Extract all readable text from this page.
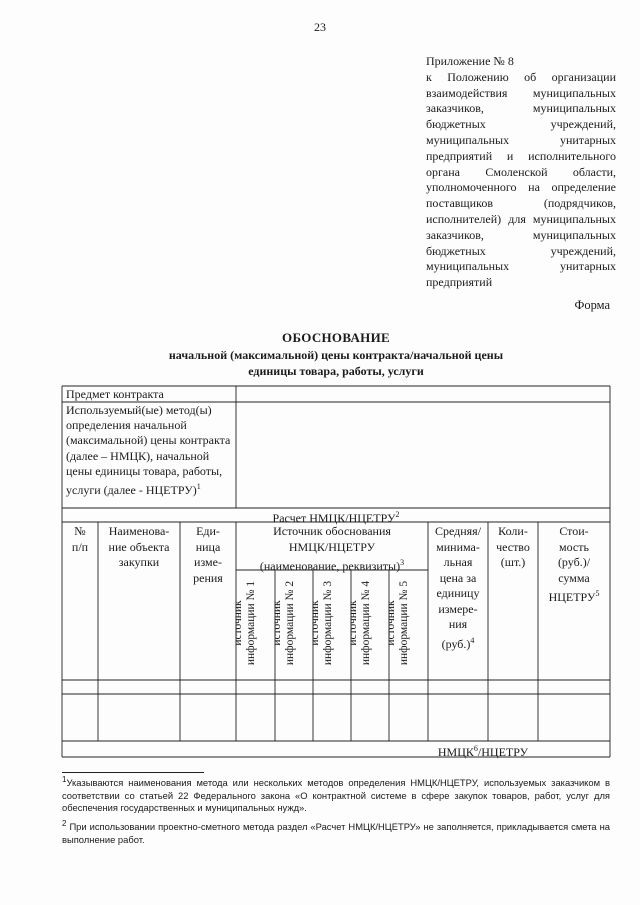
23
Приложение № 8
к Положению об организации взаимодействия муниципальных заказчиков, муниципальных бюджетных учреждений, муниципальных унитарных предприятий и исполнительного органа Смоленской области, уполномоченного на определение поставщиков (подрядчиков, исполнителей) для муниципальных заказчиков, муниципальных бюджетных учреждений, муниципальных унитарных предприятий
Форма
ОБОСНОВАНИЕ
начальной (максимальной) цены контракта/начальной цены
единицы товара, работы, услуги
Предмет контракта
Используемый(ые) метод(ы) определения начальной (максимальной) цены контракта (далее – НМЦК), начальной цены единицы товара, работы, услуги (далее - НЦЕТРУ)$^1$
Расчет НМЦК/НЦЕТРУ$^2$
№
п/п
Наименова-
ние объекта
закупки
Еди-
ница
изме-
рения
Источник обоснования
НМЦК/НЦЕТРУ
(наименование, реквизиты)$^3$
Средняя/
минима-
льная
цена за
единицу
измере-
ния
$(руб.)^4$
Коли-
чество
(шт.)
Стои-
мость
(руб.)/
сумма
НЦЕТРУ$^5$
источник информации № 1 источник информации № 2 источник информации № 3 источник информации № 4 источник информации № 5
НМЦК$^6$/НЦЕТРУ
$^1$Указываются наименования метода или нескольких методов определения НМЦК/НЦЕТРУ, используемых заказчиком в соответствии со статьей 22 Федерального закона «О контрактной системе в сфере закупок товаров, работ, услуг для обеспечения государственных и муниципальных нужд».
$^2$ При использовании проектно-сметного метода раздел «Расчет НМЦК/НЦЕТРУ» не заполняется, прикладывается смета на выполнение работ.
